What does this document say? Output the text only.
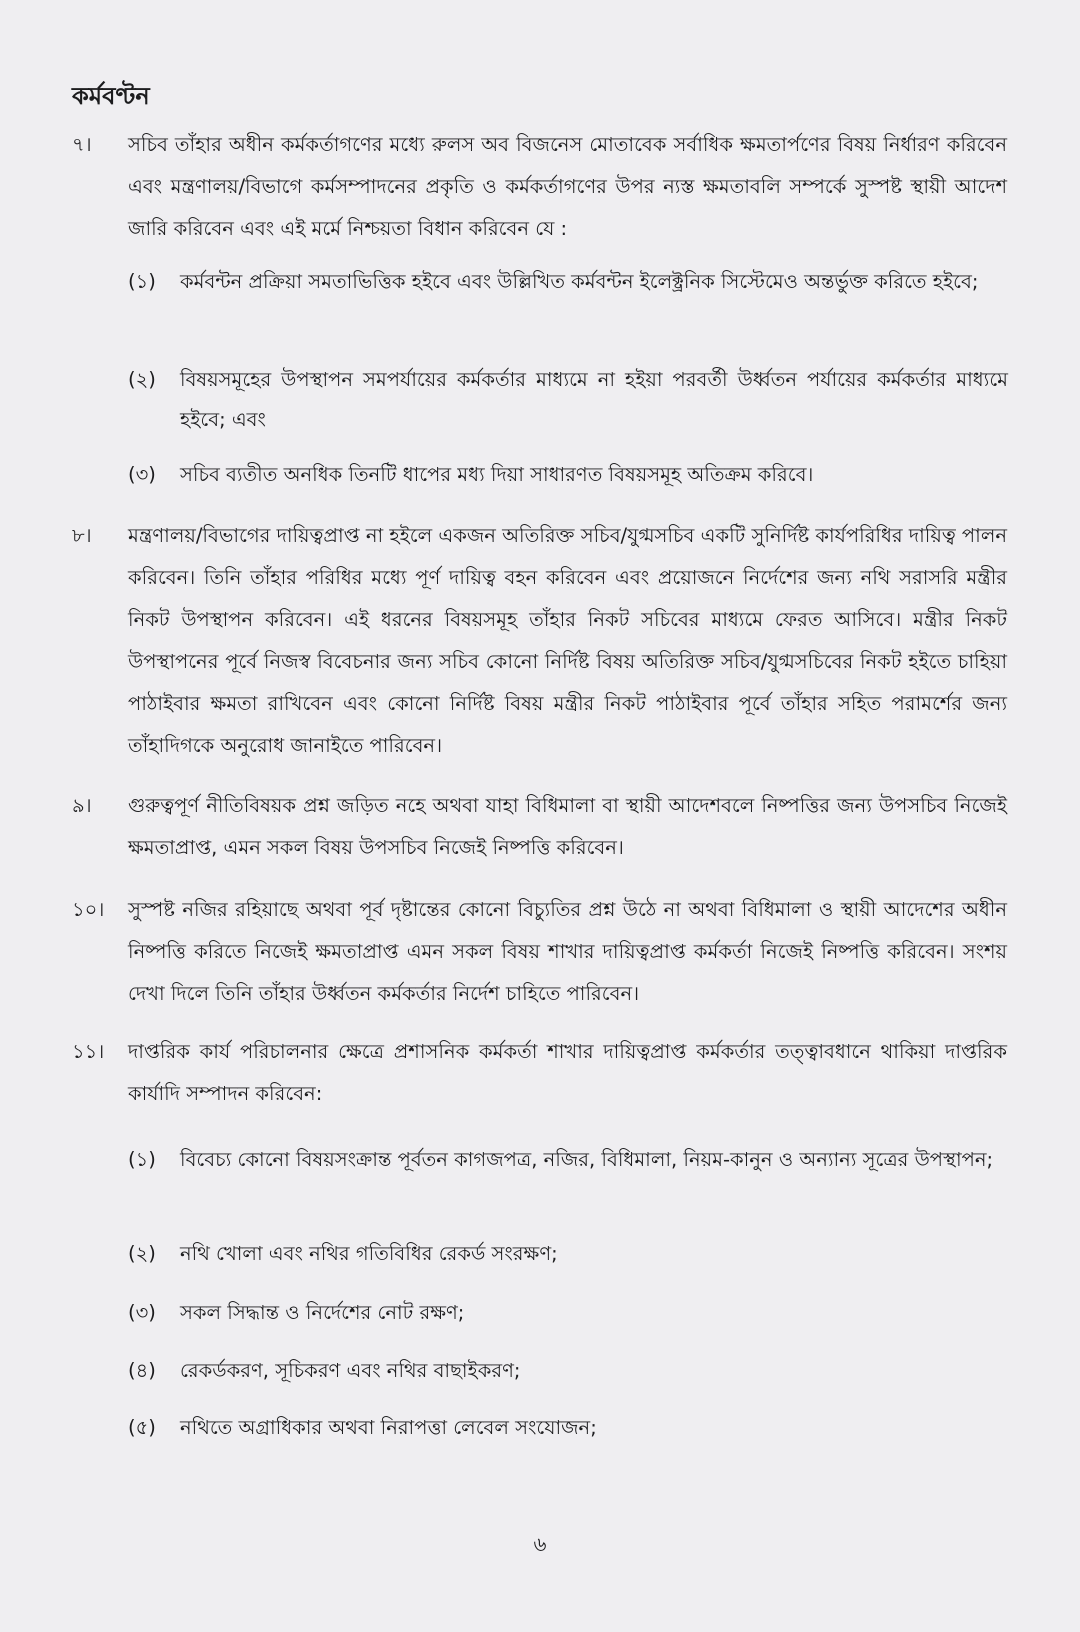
কর্মবণ্টন
৭। সচিব তাঁহার অধীন কর্মকর্তাগণের মধ্যে রুলস অব বিজনেস মোতাবেক সর্বাধিক ক্ষমতার্পণের বিষয় নির্ধারণ করিবেন এবং মন্ত্রণালয়/বিভাগে কর্মসম্পাদনের প্রকৃতি ও কর্মকর্তাগণের উপর ন্যস্ত ক্ষমতাবলি সম্পর্কে সুস্পষ্ট স্থায়ী আদেশ জারি করিবেন এবং এই মর্মে নিশ্চয়তা বিধান করিবেন যে :
(১) কর্মবন্টন প্রক্রিয়া সমতাভিত্তিক হইবে এবং উল্লিখিত কর্মবন্টন ইলেক্ট্রনিক সিস্টেমেও অন্তর্ভুক্ত করিতে হইবে;
(২) বিষয়সমূহের উপস্থাপন সমপর্যায়ের কর্মকর্তার মাধ্যমে না হইয়া পরবর্তী উর্ধ্বতন পর্যায়ের কর্মকর্তার মাধ্যমে হইবে; এবং
(৩) সচিব ব্যতীত অনধিক তিনটি ধাপের মধ্য দিয়া সাধারণত বিষয়সমূহ অতিক্রম করিবে।
৮। মন্ত্রণালয়/বিভাগের দায়িত্বপ্রাপ্ত না হইলে একজন অতিরিক্ত সচিব/যুগ্মসচিব একটি সুনির্দিষ্ট কার্যপরিধির দায়িত্ব পালন করিবেন। তিনি তাঁহার পরিধির মধ্যে পূর্ণ দায়িত্ব বহন করিবেন এবং প্রয়োজনে নির্দেশের জন্য নথি সরাসরি মন্ত্রীর নিকট উপস্থাপন করিবেন। এই ধরনের বিষয়সমূহ তাঁহার নিকট সচিবের মাধ্যমে ফেরত আসিবে। মন্ত্রীর নিকট উপস্থাপনের পূর্বে নিজস্ব বিবেচনার জন্য সচিব কোনো নির্দিষ্ট বিষয় অতিরিক্ত সচিব/যুগ্মসচিবের নিকট হইতে চাহিয়া পাঠাইবার ক্ষমতা রাখিবেন এবং কোনো নির্দিষ্ট বিষয় মন্ত্রীর নিকট পাঠাইবার পূর্বে তাঁহার সহিত পরামর্শের জন্য তাঁহাদিগকে অনুরোধ জানাইতে পারিবেন।
৯। গুরুত্বপূর্ণ নীতিবিষয়ক প্রশ্ন জড়িত নহে অথবা যাহা বিধিমালা বা স্থায়ী আদেশবলে নিষ্পত্তির জন্য উপসচিব নিজেই ক্ষমতাপ্রাপ্ত, এমন সকল বিষয় উপসচিব নিজেই নিষ্পত্তি করিবেন।
১০। সুস্পষ্ট নজির রহিয়াছে অথবা পূর্ব দৃষ্টান্তের কোনো বিচ্যুতির প্রশ্ন উঠে না অথবা বিধিমালা ও স্থায়ী আদেশের অধীন নিষ্পত্তি করিতে নিজেই ক্ষমতাপ্রাপ্ত এমন সকল বিষয় শাখার দায়িত্বপ্রাপ্ত কর্মকর্তা নিজেই নিষ্পত্তি করিবেন। সংশয় দেখা দিলে তিনি তাঁহার উর্ধ্বতন কর্মকর্তার নির্দেশ চাহিতে পারিবেন।
১১। দাপ্তরিক কার্য পরিচালনার ক্ষেত্রে প্রশাসনিক কর্মকর্তা শাখার দায়িত্বপ্রাপ্ত কর্মকর্তার তত্ত্বাবধানে থাকিয়া দাপ্তরিক কার্যাদি সম্পাদন করিবেন:
(১) বিবেচ্য কোনো বিষয়সংক্রান্ত পূর্বতন কাগজপত্র, নজির, বিধিমালা, নিয়ম-কানুন ও অন্যান্য সূত্রের উপস্থাপন;
(২) নথি খোলা এবং নথির গতিবিধির রেকর্ড সংরক্ষণ;
(৩) সকল সিদ্ধান্ত ও নির্দেশের নোট রক্ষণ;
(৪) রেকর্ডকরণ, সূচিকরণ এবং নথির বাছাইকরণ;
(৫) নথিতে অগ্রাধিকার অথবা নিরাপত্তা লেবেল সংযোজন;
৬
